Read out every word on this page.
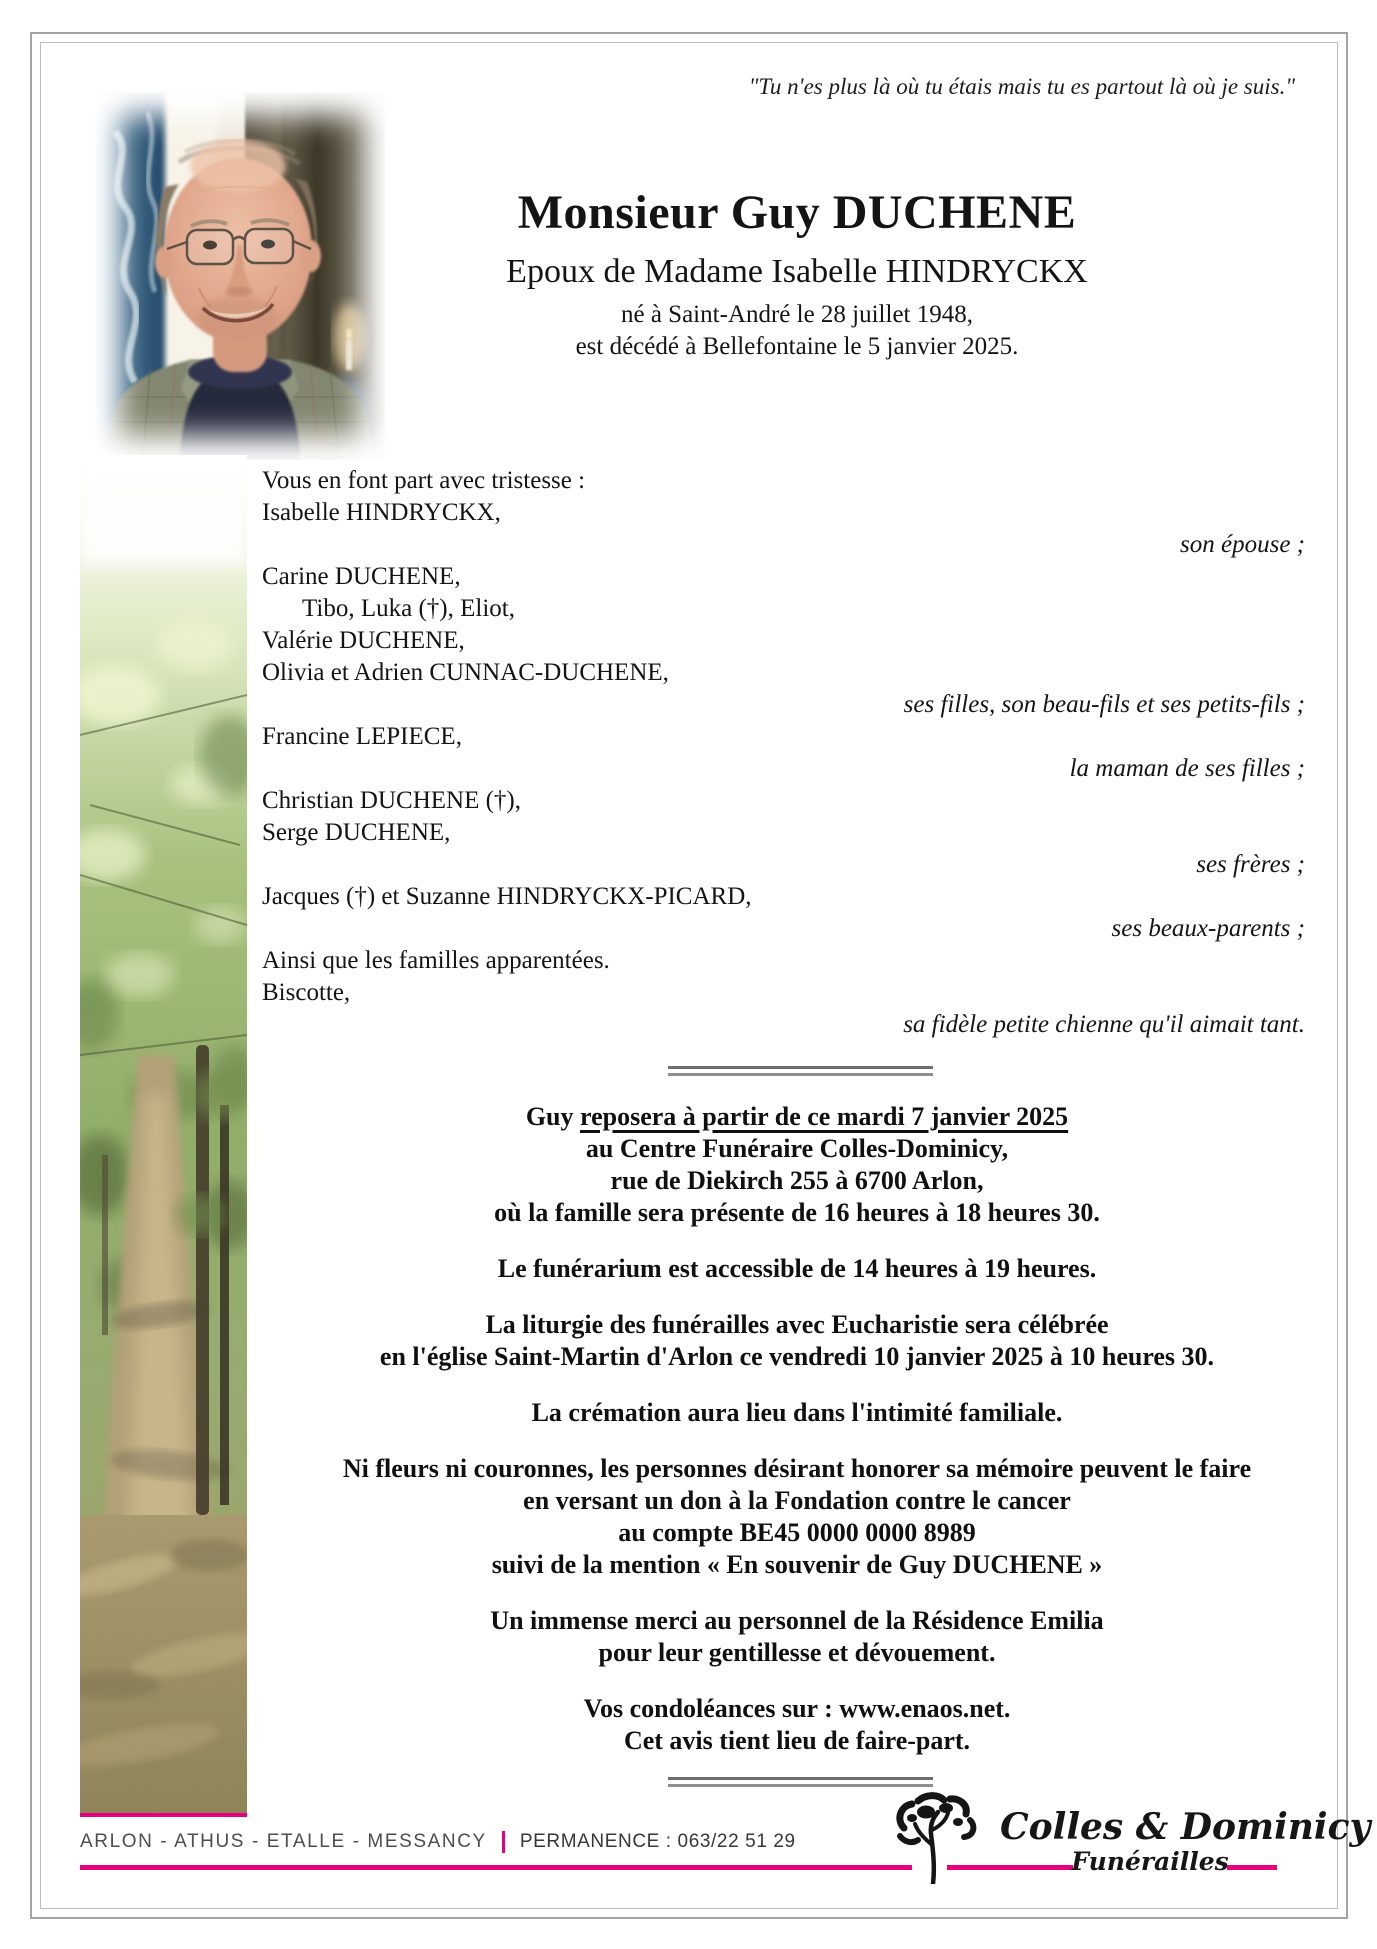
"Tu n'es plus là où tu étais mais tu es partout là où je suis."
Monsieur Guy DUCHENE
Epoux de Madame Isabelle HINDRYCKX
né à Saint-André le 28 juillet 1948,
est décédé à Bellefontaine le 5 janvier 2025.
Vous en font part avec tristesse :
Isabelle HINDRYCKX,
son épouse ;
Carine DUCHENE,
Tibo, Luka (†), Eliot,
Valérie DUCHENE,
Olivia et Adrien CUNNAC-DUCHENE,
ses filles, son beau-fils et ses petits-fils ;
Francine LEPIECE,
la maman de ses filles ;
Christian DUCHENE (†),
Serge DUCHENE,
ses frères ;
Jacques (†) et Suzanne HINDRYCKX-PICARD,
ses beaux-parents ;
Ainsi que les familles apparentées.
Biscotte,
sa fidèle petite chienne qu'il aimait tant.
Guy reposera à partir de ce mardi 7 janvier 2025
au Centre Funéraire Colles-Dominicy,
rue de Diekirch 255 à 6700 Arlon,
où la famille sera présente de 16 heures à 18 heures 30.
Le funérarium est accessible de 14 heures à 19 heures.
La liturgie des funérailles avec Eucharistie sera célébrée
en l'église Saint-Martin d'Arlon ce vendredi 10 janvier 2025 à 10 heures 30.
La crémation aura lieu dans l'intimité familiale.
Ni fleurs ni couronnes, les personnes désirant honorer sa mémoire peuvent le faire
en versant un don à la Fondation contre le cancer
au compte BE45 0000 0000 8989
suivi de la mention « En souvenir de Guy DUCHENE »
Un immense merci au personnel de la Résidence Emilia
pour leur gentillesse et dévouement.
Vos condoléances sur : www.enaos.net.
Cet avis tient lieu de faire-part.
ARLON - ATHUS - ETALLE - MESSANCY PERMANENCE : 063/22 51 29	Colles & Dominicy
Funérailles
